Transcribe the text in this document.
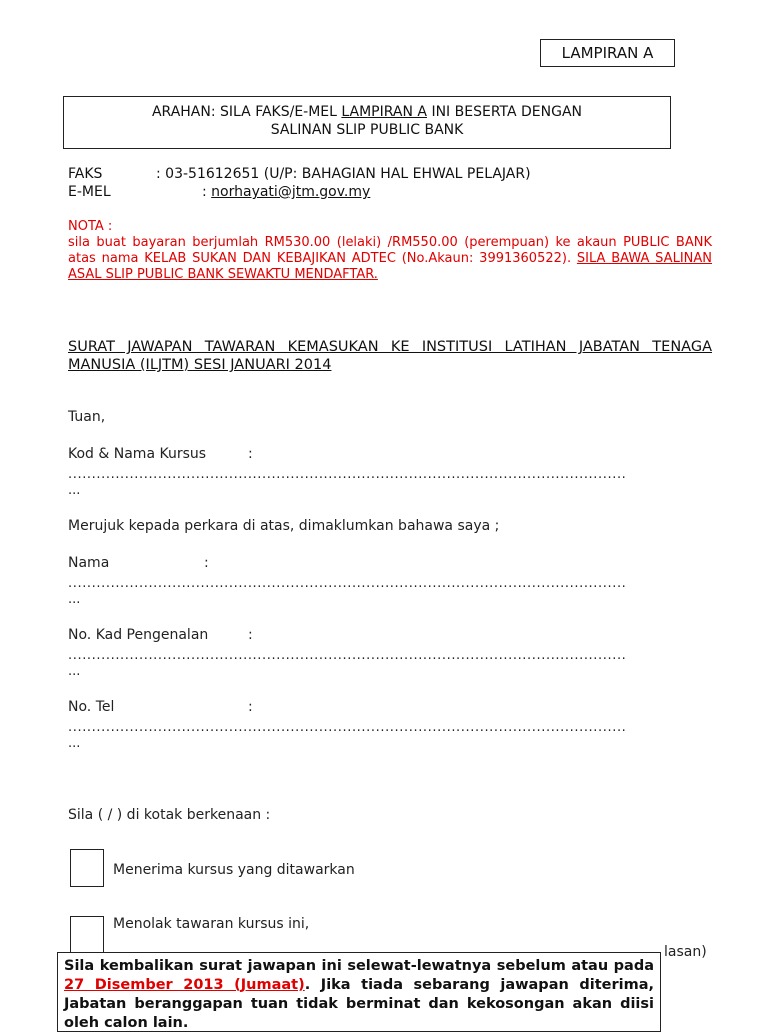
LAMPIRAN A
ARAHAN: SILA FAKS/E-MEL LAMPIRAN A INI BESERTA DENGAN
SALINAN SLIP PUBLIC BANK
FAKS	: 03-51612651 (U/P: BAHAGIAN HAL EHWAL PELAJAR)
E-MEL	: norhayati@jtm.gov.my
NOTA :
sila buat bayaran berjumlah RM530.00 (lelaki) /RM550.00 (perempuan) ke akaun PUBLIC BANK atas nama KELAB SUKAN DAN KEBAJIKAN ADTEC (No.Akaun: 3991360522). SILA BAWA SALINAN ASAL SLIP PUBLIC BANK SEWAKTU MENDAFTAR.
SURAT JAWAPAN TAWARAN KEMASUKAN KE INSTITUSI LATIHAN JABATAN TENAGA MANUSIA (ILJTM) SESI JANUARI 2014
Tuan,
Kod & Nama Kursus	:
......................................................................................................................
...
Merujuk kepada perkara di atas, dimaklumkan bahawa saya ;
Nama	:
......................................................................................................................
...
No. Kad Pengenalan	:
......................................................................................................................
...
No. Tel	:
......................................................................................................................
...
Sila ( / ) di kotak berkenaan :
Menerima kursus yang ditawarkan
Menolak tawaran kursus ini,
lasan)
Sila kembalikan surat jawapan ini selewat-lewatnya sebelum atau pada 27 Disember 2013 (Jumaat). Jika tiada sebarang jawapan diterima, Jabatan beranggapan tuan tidak berminat dan kekosongan akan diisi oleh calon lain.
